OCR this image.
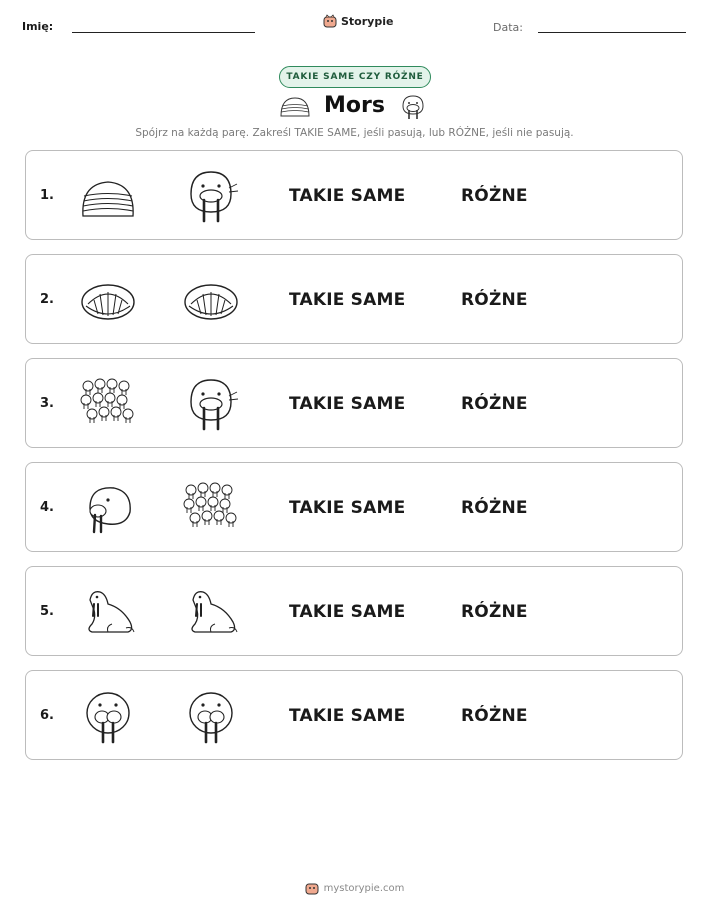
Imię:	Storypie	Data:
TAKIE SAME CZY RÓŻNE
Mors
Spójrz na każdą parę. Zakreśl TAKIE SAME, jeśli pasują, lub RÓŻNE, jeśli nie pasują.
1.	TAKIE SAME	RÓŻNE
2.	TAKIE SAME	RÓŻNE
3.	TAKIE SAME	RÓŻNE
4.	TAKIE SAME	RÓŻNE
5.	TAKIE SAME	RÓŻNE
6.	TAKIE SAME	RÓŻNE
mystorypie.com
